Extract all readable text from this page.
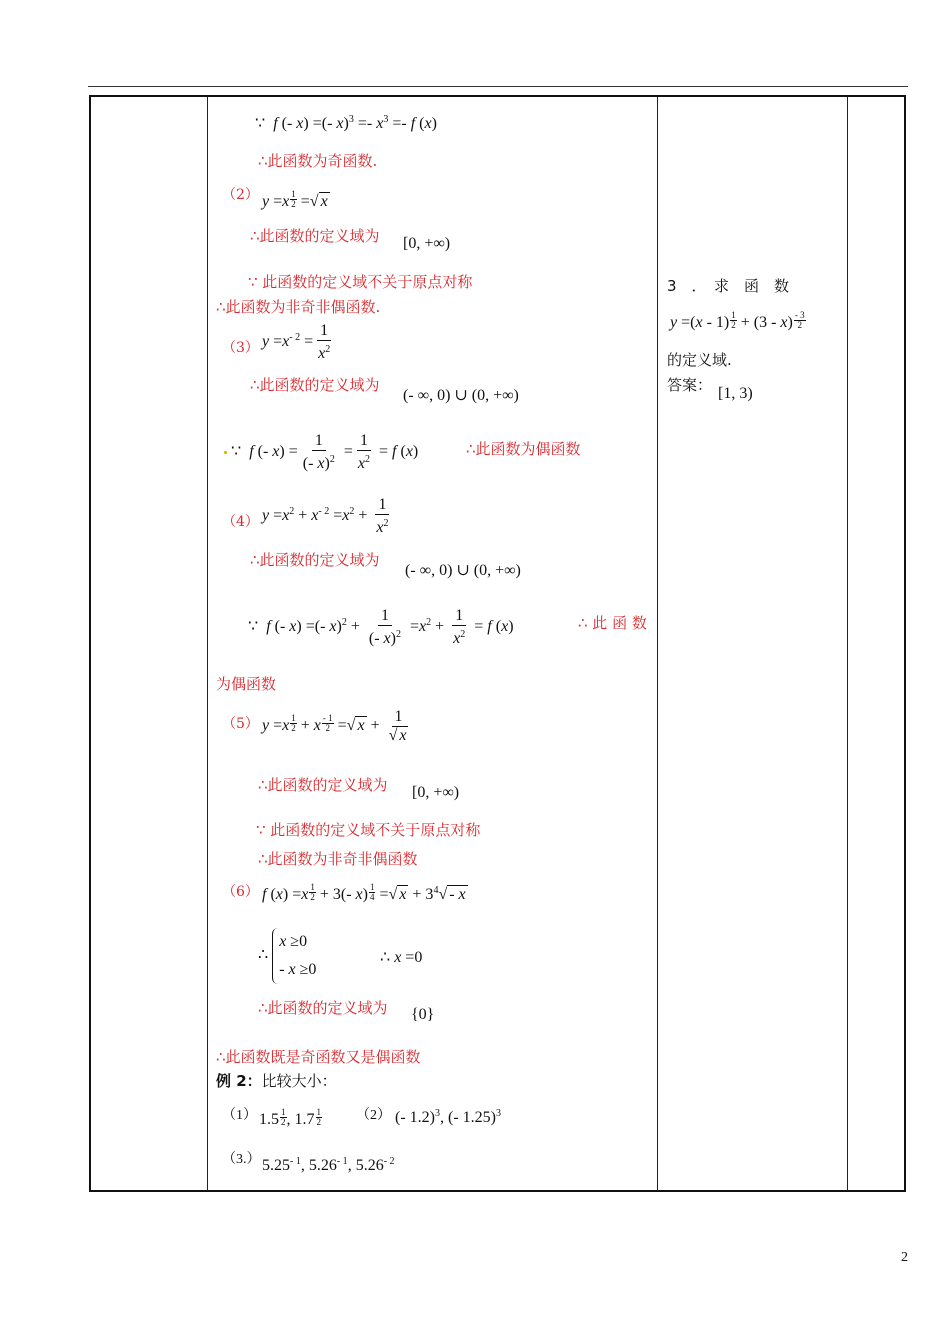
∵  f (- x) =(- $x)^3 =- x^3 =- f$ (x)
∴此函数为奇函数.
（2） $y =x \frac{1}{2}$ =√ x
∴此函数的定义域为 [0, +∞)
∵ 此函数的定义域不关于原点对称
∴此函数为非奇非偶函数.
（3） $y =x^{- 2} = \frac{1}{x^2}$
∴此函数的定义域为
(- ∞, 0) ∪ (0, +∞)
∵  f (- $x) = \frac{1}{(- x)^2} = \frac{1}{x^2} = f$ (x)	∴此函数为偶函数
（4） $y =x^2 + x^{- 2} =x^2 + \frac{1}{x^2}$
∴此函数的定义域为
(- ∞, 0) ∪ (0, +∞)
∵  f (- x) =(- $x)^2 + \frac{1}{(- x)^2} =x^2 + \frac{1}{x^2} = f$ (x)	∴ 此 函 数
为偶函数
（5） $y =x \frac{1}{2} + x \frac{- 1}{2}$ =√ $x + \frac{1}{√ x}$
∴此函数的定义域为 [0, +∞)
∵ 此函数的定义域不关于原点对称
∴此函数为非奇非偶函数
（6） f $(x) =x \frac{1}{2} + 3(-$ $x) \frac{1}{4}$ =√ $x + 3^4√ - x$
∴ x ≥0
- x ≥0
∴ x =0
∴此函数的定义域为 {0}
∴此函数既是奇函数又是偶函数
例 2：比较大小：
（1） $1.5 \frac{1}{2}$ , $1.7 \frac{1}{2} (2)$ (- 1.2)$^3$, (- 1.25)$^3$
（3.） $5.25^{- 1}$, $5.26^{- 1}$, $5.26^{- 2}$
3　．　求　函　数
$y =(x - 1) \frac{1}{2} + (3 - x) \frac{- 3}{2}$
的定义域.
答案： [1, 3)
2
